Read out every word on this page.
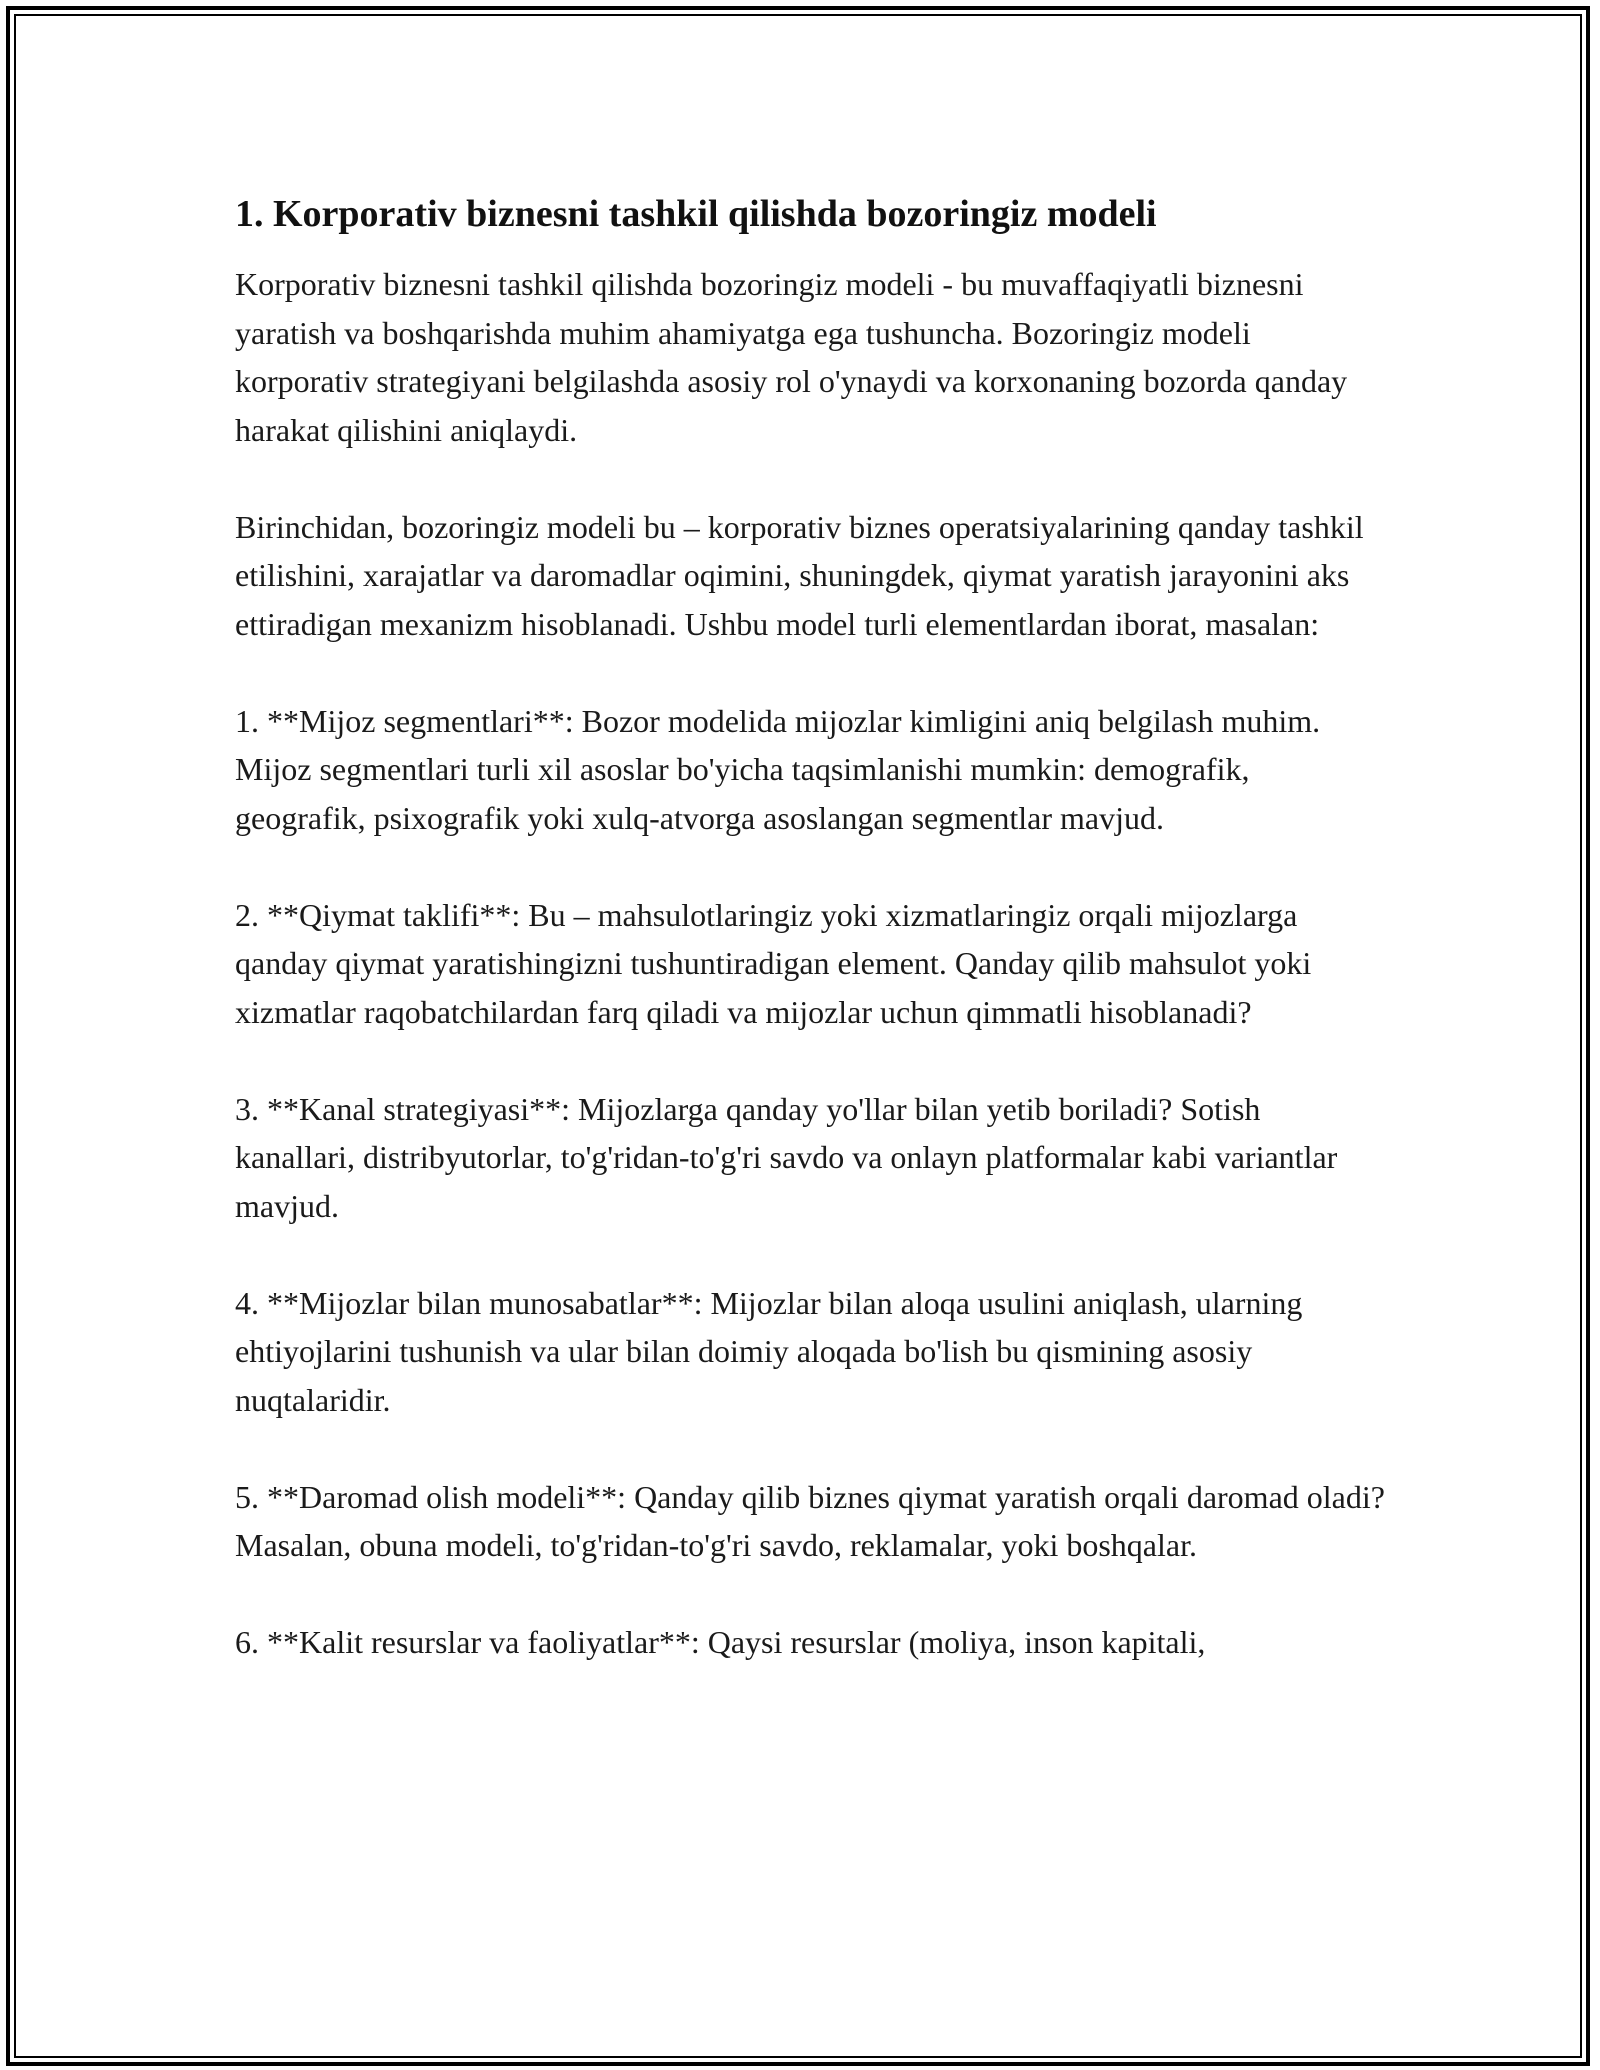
1. Korporativ biznesni tashkil qilishda bozoringiz modeli

Korporativ biznesni tashkil qilishda bozoringiz modeli - bu muvaffaqiyatli biznesni yaratish va boshqarishda muhim ahamiyatga ega tushuncha. Bozoringiz modeli korporativ strategiyani belgilashda asosiy rol o'ynaydi va korxonaning bozorda qanday harakat qilishini aniqlaydi.

Birinchidan, bozoringiz modeli bu – korporativ biznes operatsiyalarining qanday tashkil etilishini, xarajatlar va daromadlar oqimini, shuningdek, qiymat yaratish jarayonini aks ettiradigan mexanizm hisoblanadi. Ushbu model turli elementlardan iborat, masalan:

1. **Mijoz segmentlari**: Bozor modelida mijozlar kimligini aniq belgilash muhim. Mijoz segmentlari turli xil asoslar bo'yicha taqsimlanishi mumkin: demografik, geografik, psixografik yoki xulq-atvorga asoslangan segmentlar mavjud.

2. **Qiymat taklifi**: Bu – mahsulotlaringiz yoki xizmatlaringiz orqali mijozlarga qanday qiymat yaratishingizni tushuntiradigan element. Qanday qilib mahsulot yoki xizmatlar raqobatchilardan farq qiladi va mijozlar uchun qimmatli hisoblanadi?

3. **Kanal strategiyasi**: Mijozlarga qanday yo'llar bilan yetib boriladi? Sotish kanallari, distribyutorlar, to'g'ridan-to'g'ri savdo va onlayn platformalar kabi variantlar mavjud.

4. **Mijozlar bilan munosabatlar**: Mijozlar bilan aloqa usulini aniqlash, ularning ehtiyojlarini tushunish va ular bilan doimiy aloqada bo'lish bu qismining asosiy nuqtalaridir.

5. **Daromad olish modeli**: Qanday qilib biznes qiymat yaratish orqali daromad oladi? Masalan, obuna modeli, to'g'ridan-to'g'ri savdo, reklamalar, yoki boshqalar.

6. **Kalit resurslar va faoliyatlar**: Qaysi resurslar (moliya, inson kapitali,
